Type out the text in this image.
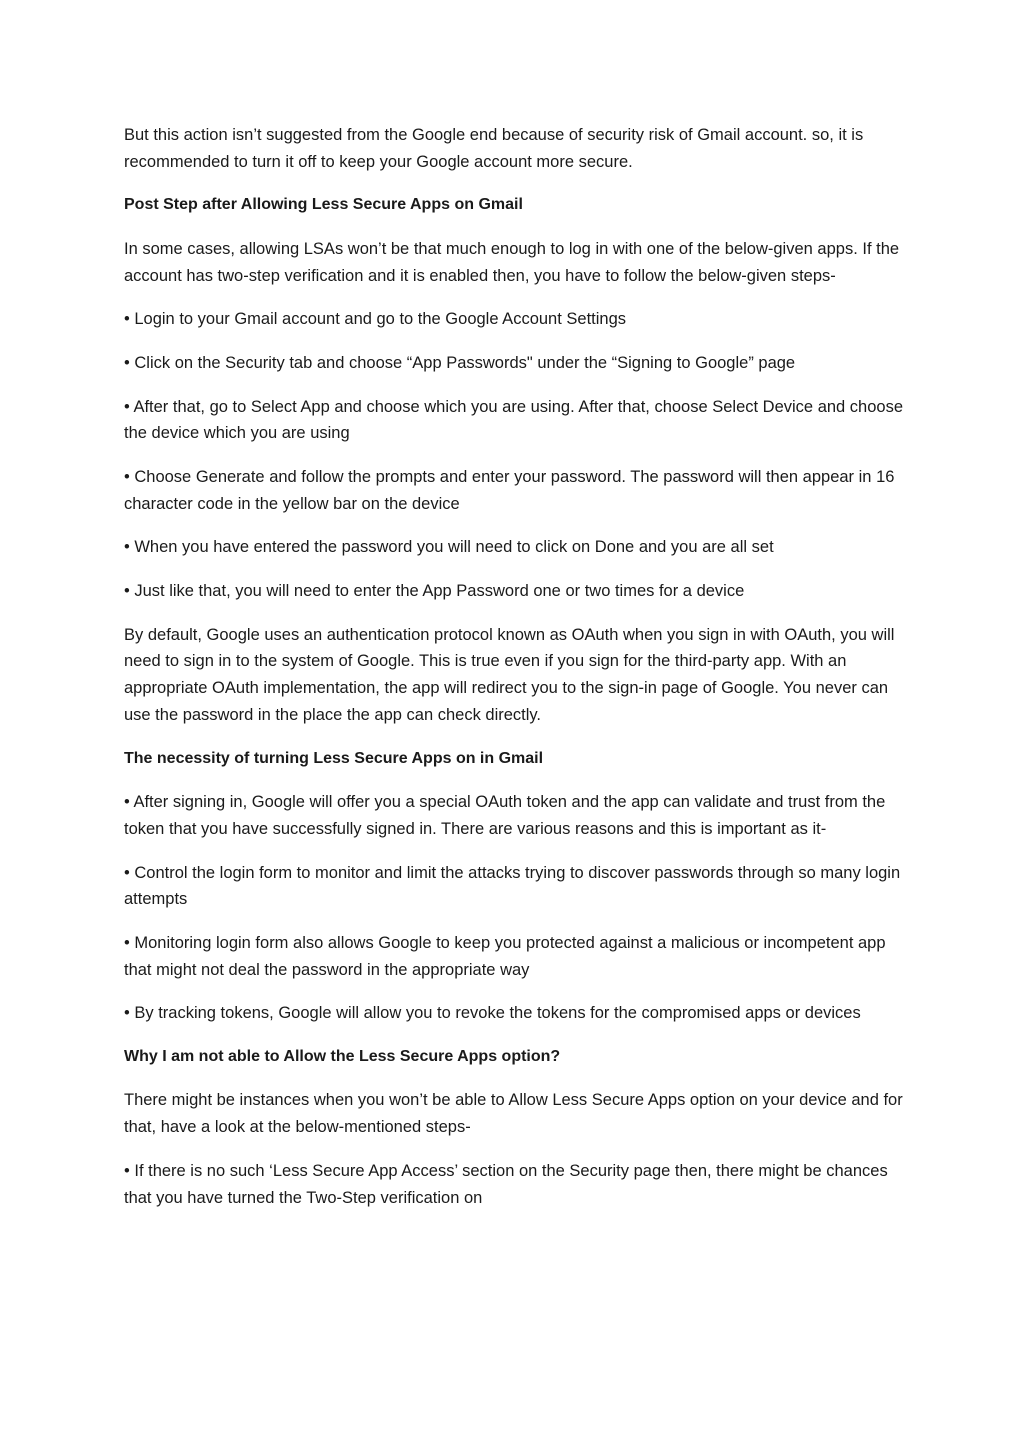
But this action isn’t suggested from the Google end because of security risk of Gmail account. so, it is recommended to turn it off to keep your Google account more secure.

Post Step after Allowing Less Secure Apps on Gmail

In some cases, allowing LSAs won’t be that much enough to log in with one of the below-given apps. If the account has two-step verification and it is enabled then, you have to follow the below-given steps-

• Login to your Gmail account and go to the Google Account Settings

• Click on the Security tab and choose “App Passwords" under the “Signing to Google” page

• After that, go to Select App and choose which you are using. After that, choose Select Device and choose the device which you are using

• Choose Generate and follow the prompts and enter your password. The password will then appear in 16 character code in the yellow bar on the device

• When you have entered the password you will need to click on Done and you are all set

• Just like that, you will need to enter the App Password one or two times for a device

By default, Google uses an authentication protocol known as OAuth when you sign in with OAuth, you will need to sign in to the system of Google. This is true even if you sign for the third-party app. With an appropriate OAuth implementation, the app will redirect you to the sign-in page of Google. You never can use the password in the place the app can check directly.

The necessity of turning Less Secure Apps on in Gmail

• After signing in, Google will offer you a special OAuth token and the app can validate and trust from the token that you have successfully signed in. There are various reasons and this is important as it-

• Control the login form to monitor and limit the attacks trying to discover passwords through so many login attempts

• Monitoring login form also allows Google to keep you protected against a malicious or incompetent app that might not deal the password in the appropriate way

• By tracking tokens, Google will allow you to revoke the tokens for the compromised apps or devices

Why I am not able to Allow the Less Secure Apps option?

There might be instances when you won’t be able to Allow Less Secure Apps option on your device and for that, have a look at the below-mentioned steps-

• If there is no such ‘Less Secure App Access’ section on the Security page then, there might be chances that you have turned the Two-Step verification on
